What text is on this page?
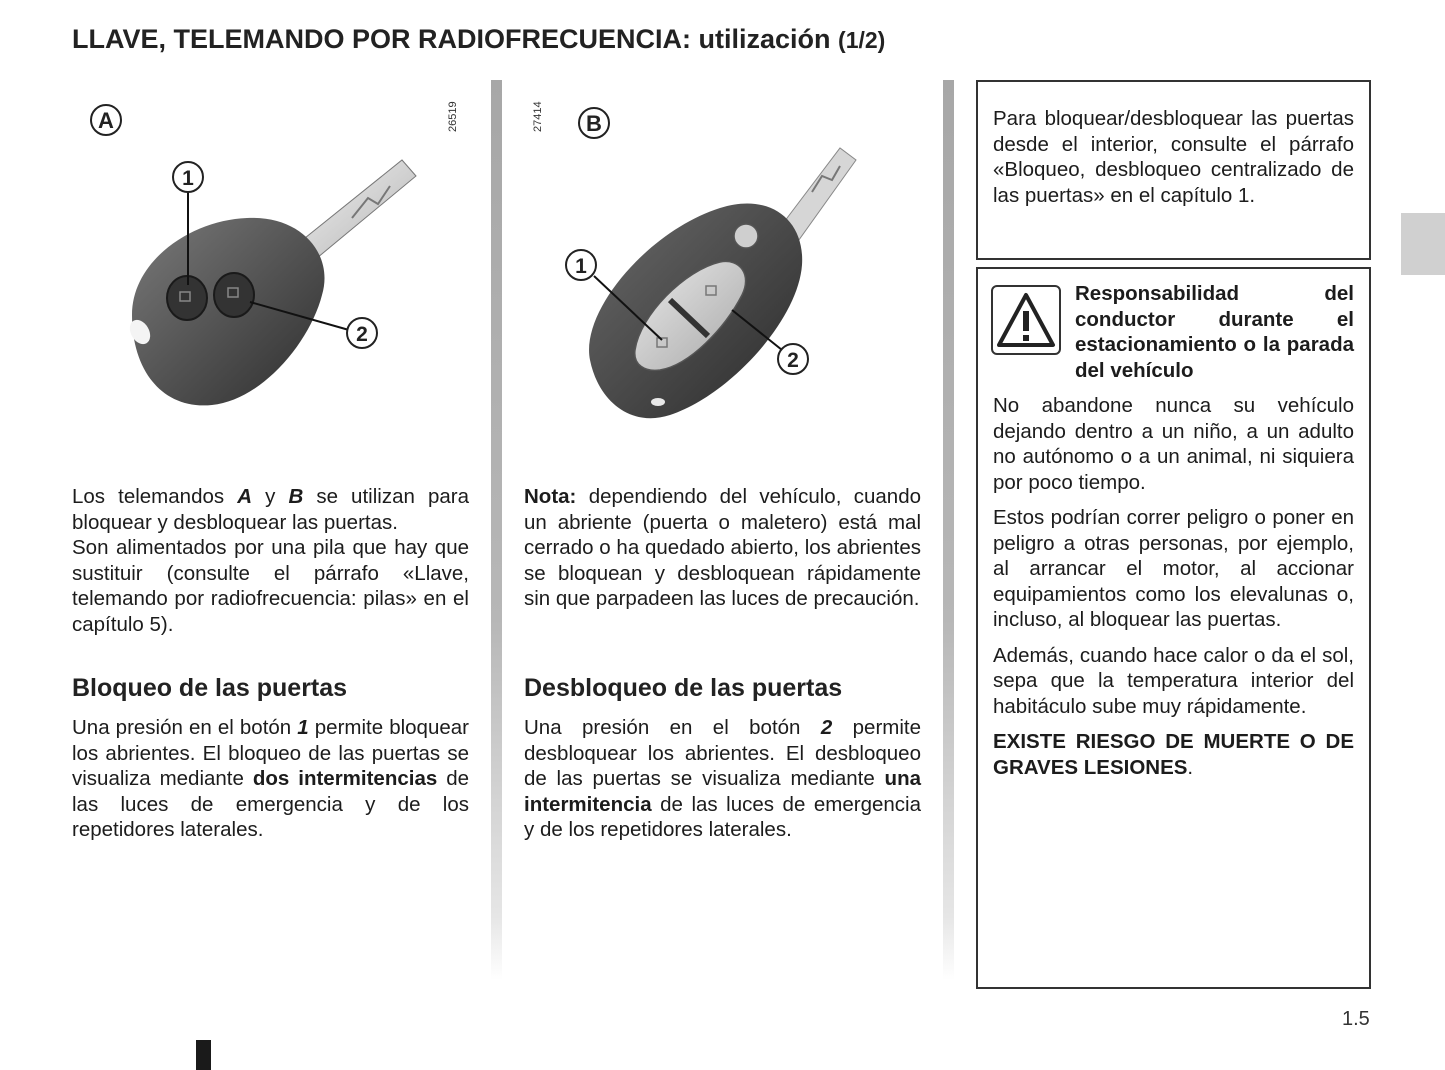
LLAVE, TELEMANDO POR RADIOFRECUENCIA: utilización (1/2)
26519
A
1
2
27414 B
1
2

Los telemandos A y B se utilizan para bloquear y desbloquear las puertas.

Son alimentados por una pila que hay que sustituir (consulte el párrafo «Llave, telemando por radiofrecuencia: pilas» en el capítulo 5).

Bloqueo de las puertas

Una presión en el botón 1 permite bloquear los abrientes. El bloqueo de las puertas se visualiza mediante dos intermitencias de las luces de emergencia y de los repetidores laterales.

Nota: dependiendo del vehículo, cuando un abriente (puerta o maletero) está mal cerrado o ha quedado abierto, los abrientes se bloquean y desbloquean rápidamente sin que parpadeen las luces de precaución.

Desbloqueo de las puertas

Una presión en el botón 2 permite desbloquear los abrientes. El desbloqueo de las puertas se visualiza mediante una intermitencia de las luces de emergencia y de los repetidores laterales.

Para bloquear/desbloquear las puertas desde el interior, consulte el párrafo «Bloqueo, desbloqueo centralizado de las puertas» en el capítulo 1.

Responsabilidad del conductor durante el estacionamiento o la parada del vehículo

No abandone nunca su vehículo dejando dentro a un niño, a un adulto no autónomo o a un animal, ni siquiera por poco tiempo.

Estos podrían correr peligro o poner en peligro a otras personas, por ejemplo, al arrancar el motor, al accionar equipamientos como los elevalunas o, incluso, al bloquear las puertas.

Además, cuando hace calor o da el sol, sepa que la temperatura interior del habitáculo sube muy rápidamente.

EXISTE RIESGO DE MUERTE O DE GRAVES LESIONES.

1.5
